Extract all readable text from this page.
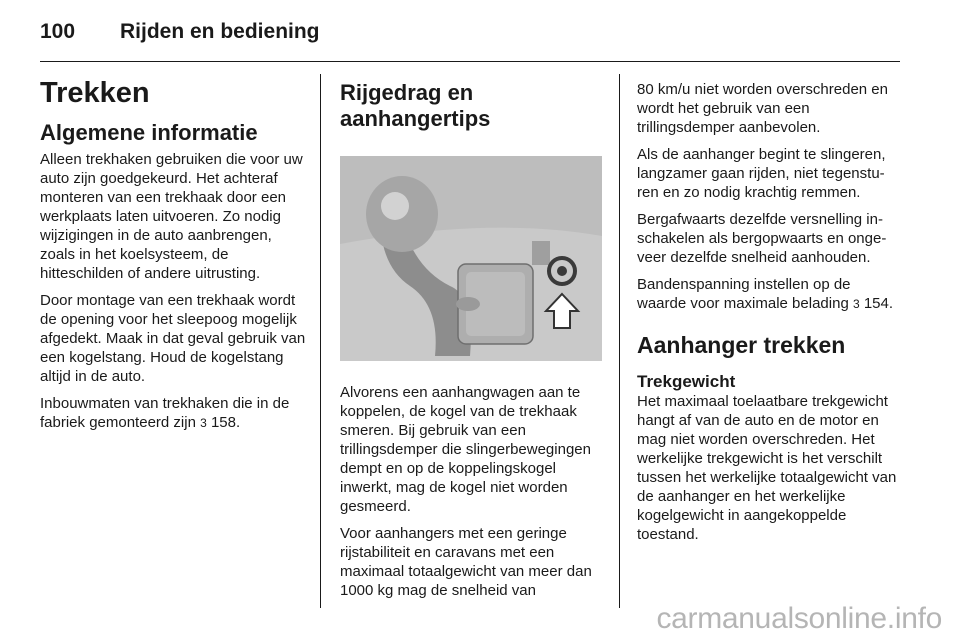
100 Rijden en bediening
Trekken
Algemene informatie

Alleen trekhaken gebruiken die voor uw auto zijn goedgekeurd. Het achteraf monteren van een trekhaak door een werkplaats laten uitvoeren. Zo nodig wijzigingen in de auto aanbrengen, zoals in het koelsysteem, de hitteschilden of andere uitrusting.

Door montage van een trekhaak wordt de opening voor het sleepoog mogelijk afgedekt. Maak in dat geval gebruik van een kogelstang. Houd de kogelstang altijd in de auto.

Inbouwmaten van trekhaken die in de fabriek gemonteerd zijn 3 158.

Rijgedrag en
aanhangertips

Alvorens een aanhangwagen aan te koppelen, de kogel van de trekhaak smeren. Bij gebruik van een trillingsdemper die slingerbewegingen dempt en op de koppelingskogel inwerkt, mag de kogel niet worden gesmeerd.

Voor aanhangers met een geringe rijstabiliteit en caravans met een maximaal totaalgewicht van meer dan 1000 kg mag de snelheid van

80 km/u niet worden overschreden en wordt het gebruik van een trillingsdemper aanbevolen.

Als de aanhanger begint te slingeren, langzamer gaan rijden, niet tegensturen en zo nodig krachtig remmen.

Bergafwaarts dezelfde versnelling inschakelen als bergopwaarts en ongeveer dezelfde snelheid aanhouden.

Bandenspanning instellen op de waarde voor maximale belading 3 154.

Aanhanger trekken
Trekgewicht

Het maximaal toelaatbare trekgewicht hangt af van de auto en de motor en mag niet worden overschreden. Het werkelijke trekgewicht is het verschilt tussen het werkelijke totaalgewicht van de aanhanger en het werkelijke kogelgewicht in aangekoppelde toestand.

carmanualsonline.info
